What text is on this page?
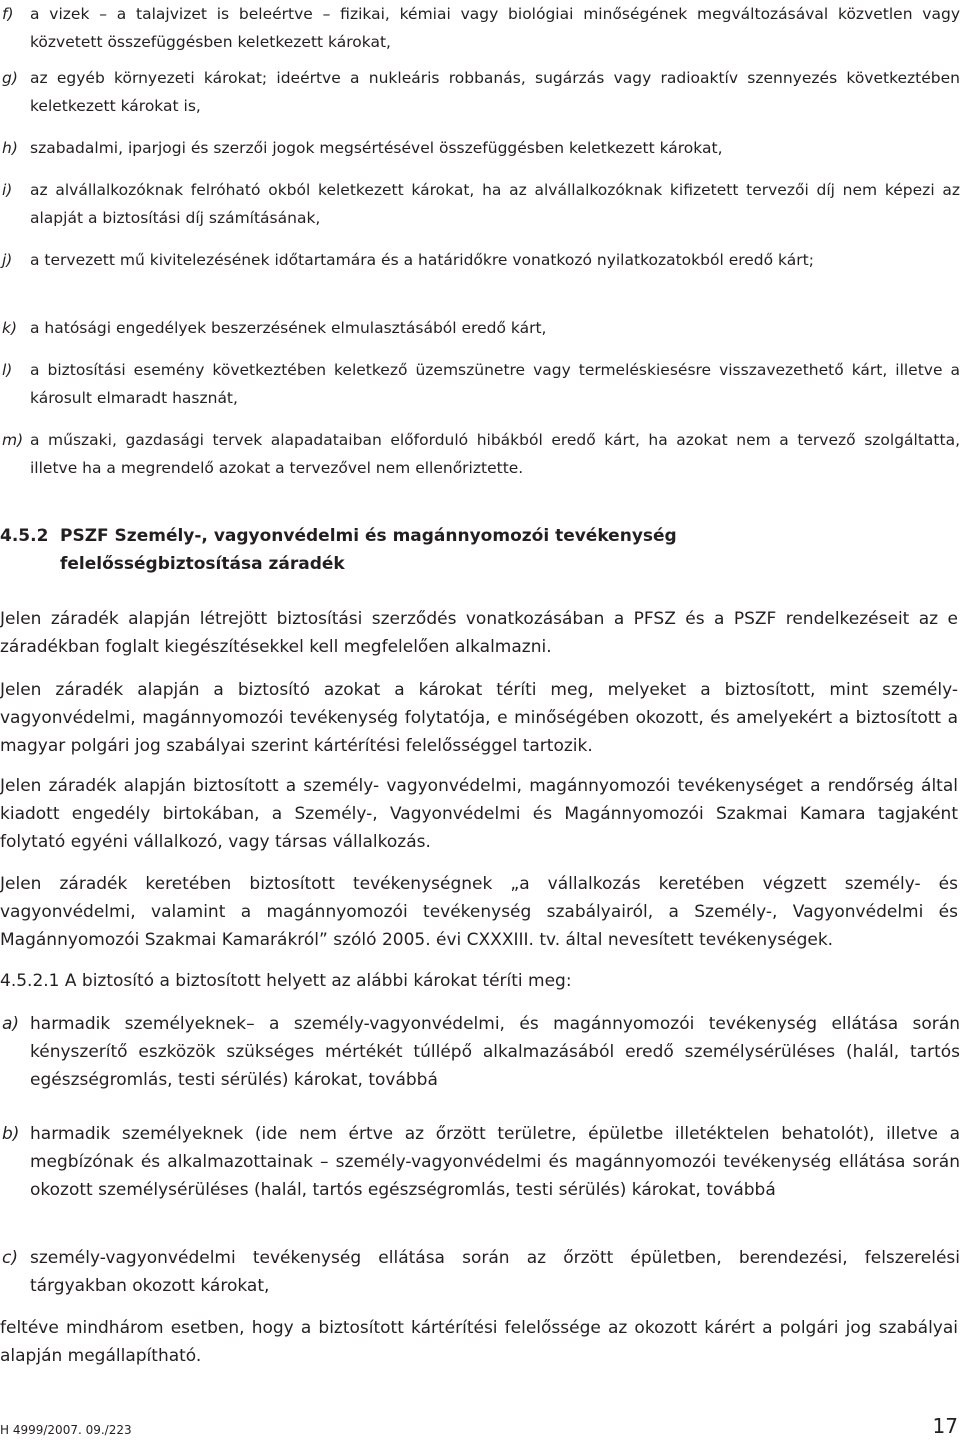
f) a vizek – a talajvizet is beleértve – fizikai, kémiai vagy biológiai minőségének megváltozásával közvetlen vagy közvetett összefüggésben keletkezett károkat,
g) az egyéb környezeti károkat; ideértve a nukleáris robbanás, sugárzás vagy radioaktív szennyezés következtében keletkezett károkat is,
h) szabadalmi, iparjogi és szerzői jogok megsértésével összefüggésben keletkezett károkat,
i) az alvállalkozóknak felróható okból keletkezett károkat, ha az alvállalkozóknak kifizetett tervezői díj nem képezi az alapját a biztosítási díj számításának,
j) a tervezett mű kivitelezésének időtartamára és a határidőkre vonatkozó nyilatkozatokból eredő kárt;
k) a hatósági engedélyek beszerzésének elmulasztásából eredő kárt,
l) a biztosítási esemény következtében keletkező üzemszünetre vagy termeléskiesésre visszavezethető kárt, illetve a károsult elmaradt hasznát,
m) a műszaki, gazdasági tervek alapadataiban előforduló hibákból eredő kárt, ha azokat nem a tervező szolgáltatta, illetve ha a megrendelő azokat a tervezővel nem ellenőriztette.
4.5.2 PSZF Személy-, vagyonvédelmi és magánnyomozói tevékenység
felelősségbiztosítása záradék
Jelen záradék alapján létrejött biztosítási szerződés vonatkozásában a PFSZ és a PSZF rendelkezéseit az e záradékban foglalt kiegészítésekkel kell megfelelően alkalmazni.
Jelen záradék alapján a biztosító azokat a károkat téríti meg, melyeket a biztosított, mint személy- vagyonvédelmi, magánnyomozói tevékenység folytatója, e minőségében okozott, és amelyekért a biztosított a magyar polgári jog szabályai szerint kártérítési felelősséggel tartozik.
Jelen záradék alapján biztosított a személy- vagyonvédelmi, magánnyomozói tevékenységet a rendőrség által kiadott engedély birtokában, a Személy-, Vagyonvédelmi és Magánnyomozói Szakmai Kamara tagjaként folytató egyéni vállalkozó, vagy társas vállalkozás.
Jelen záradék keretében biztosított tevékenységnek „a vállalkozás keretében végzett személy- és vagyonvédelmi, valamint a magánnyomozói tevékenység szabályairól, a Személy-, Vagyonvédelmi és Magánnyomozói Szakmai Kamarákról” szóló 2005. évi CXXXIII. tv. által nevesített tevékenységek.
4.5.2.1 A biztosító a biztosított helyett az alábbi károkat téríti meg:
a) harmadik személyeknek– a személy-vagyonvédelmi, és magánnyomozói tevékenység ellátása során kényszerítő eszközök szükséges mértékét túllépő alkalmazásából eredő személysérüléses (halál, tartós egészségromlás, testi sérülés) károkat, továbbá
b) harmadik személyeknek (ide nem értve az őrzött területre, épületbe illetéktelen behatolót), illetve a megbízónak és alkalmazottainak – személy-vagyonvédelmi és magánnyomozói tevékenység ellátása során okozott személysérüléses (halál, tartós egészségromlás, testi sérülés) károkat, továbbá
c) személy-vagyonvédelmi tevékenység ellátása során az őrzött épületben, berendezési, felszerelési tárgyakban okozott károkat,
feltéve mindhárom esetben, hogy a biztosított kártérítési felelőssége az okozott kárért a polgári jog szabályai alapján megállapítható.
H 4999/2007. 09./223	17
